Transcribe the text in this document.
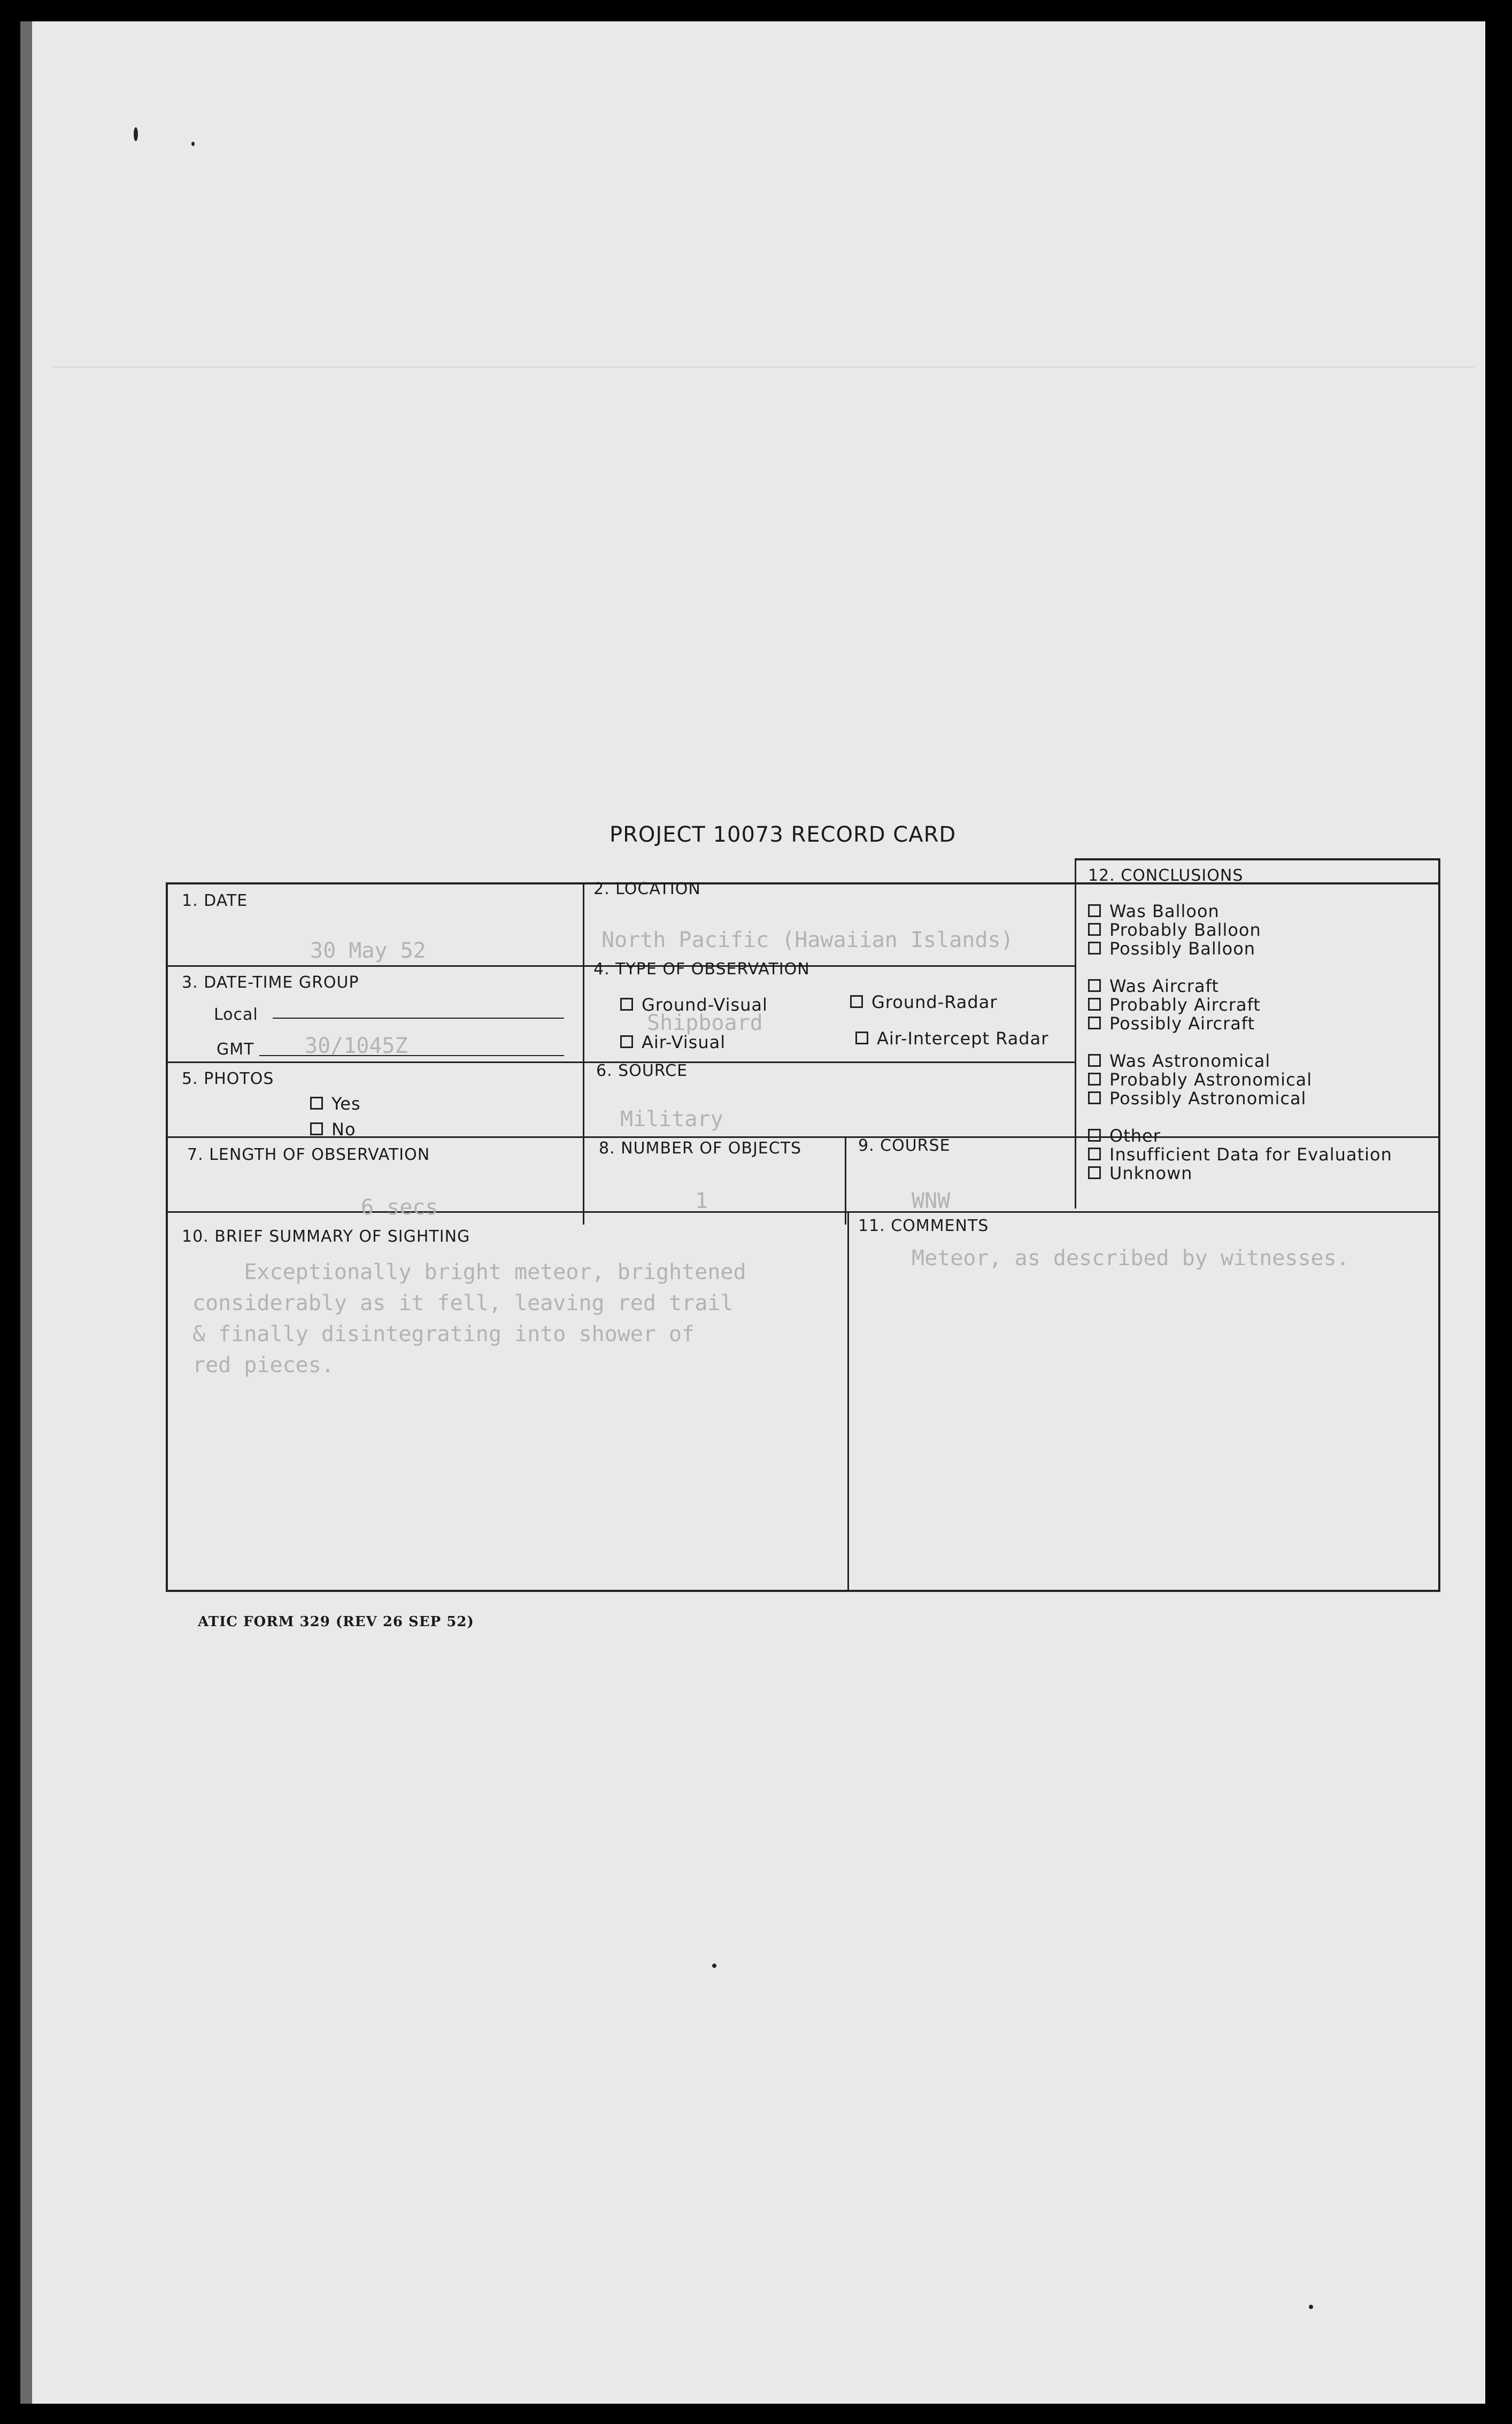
PROJECT 10073 RECORD CARD
1. DATE
30 May 52
2. LOCATION
North Pacific (Hawaiian Islands)
3. DATE-TIME GROUP
Local
GMT 30/1045Z
4. TYPE OF OBSERVATION
Ground-Visual	Ground-Radar
Shipboard
Air-Visual	Air-Intercept Radar
5. PHOTOS
Yes
No
6. SOURCE
Military
7. LENGTH OF OBSERVATION
6 secs
8. NUMBER OF OBJECTS
1
9. COURSE
WNW
10. BRIEF SUMMARY OF SIGHTING
Exceptionally bright meteor, brightened
considerably as it fell, leaving red trail
& finally disintegrating into shower of
red pieces.
11. COMMENTS
Meteor, as described by witnesses.
12. CONCLUSIONS
Was Balloon
Probably Balloon
Possibly Balloon
Was Aircraft
Probably Aircraft
Possibly Aircraft
Was Astronomical
Probably Astronomical
Possibly Astronomical
Other
Insufficient Data for Evaluation
Unknown
ATIC FORM 329 (REV 26 SEP 52)
